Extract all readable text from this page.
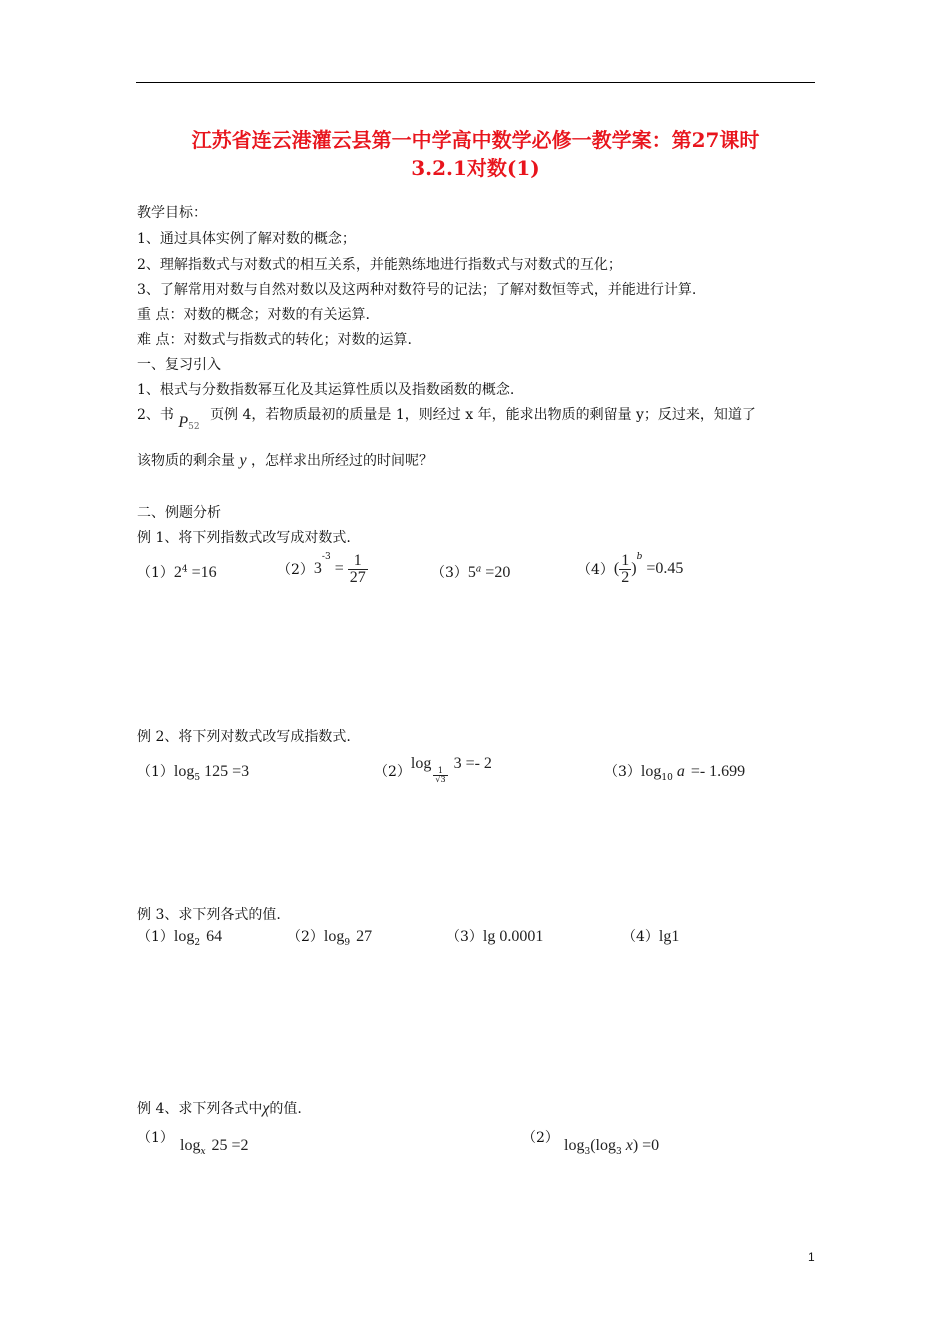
江苏省连云港灌云县第一中学高中数学必修一教学案：第27课时
3.2.1对数(1)
教学目标：
1、通过具体实例了解对数的概念；
2、理解指数式与对数式的相互关系，并能熟练地进行指数式与对数式的互化；
3、了解常用对数与自然对数以及这两种对数符号的记法；了解对数恒等式，并能进行计算.
重 点：对数的概念；对数的有关运算.
难 点：对数式与指数式的转化；对数的运算.
一、复习引入
1、根式与分数指数幂互化及其运算性质以及指数函数的概念.
2、书 $P_{52}$ 页例 4，若物质最初的质量是 1，则经过 x 年，能求出物质的剩留量 y；反过来，知道了
该物质的剩余量 y ，怎样求出所经过的时间呢？
二、例题分析
例 1、将下列指数式改写成对数式.
$(1)2^4 =16$	$(2)3^{-3}= \frac{1}{27}$	$(3)5^a =20$	$(4)( \frac{1}{2} )^b=0.45$
例 2、将下列对数式改写成指数式.
$(1)\log_5$ 125 =3	（2）log
$\frac{1}{√3}$
3 =- 2	$(3)\log_{10}$ a =- 1.699
例 3、求下列各式的值.
$(1)\log_2$ 64	$(2)\log_9$ 27	（3）lg 0.0001	（4）lg1
例 4、求下列各式中χ的值.
（1） $\log_x 25 =2$	（2） $\log_3(\log_3$ x) =0
1
